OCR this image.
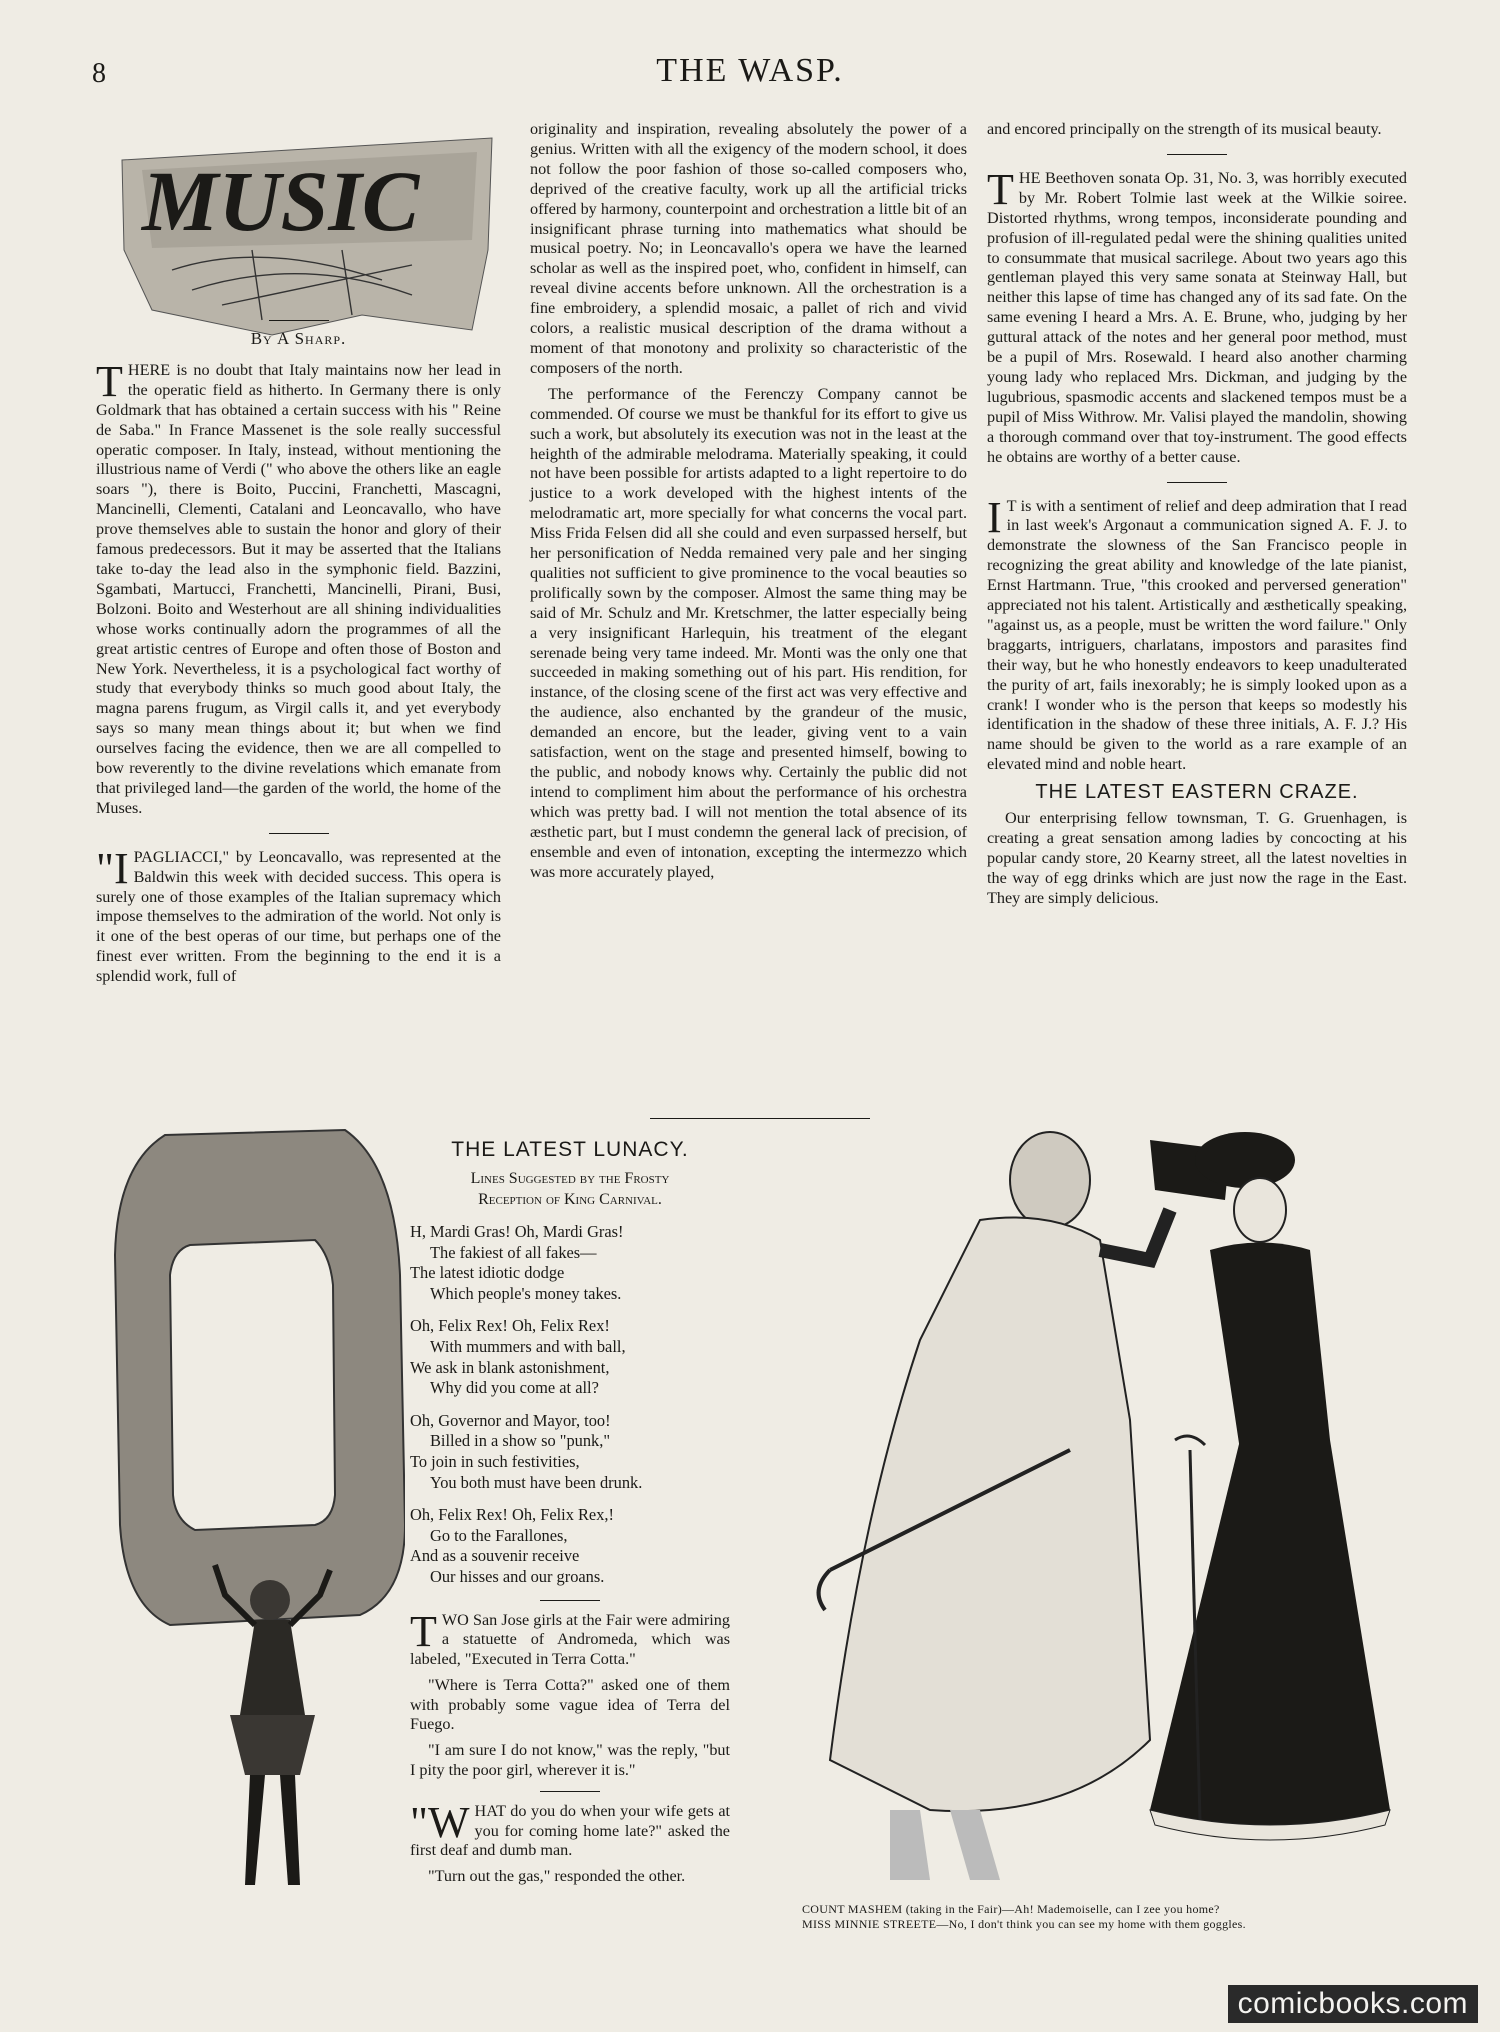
8	THE WASP.
MUSIC
By A Sharp.

THERE is no doubt that Italy maintains now her lead in the operatic field as hitherto. In Germany there is only Goldmark that has obtained a certain success with his " Reine de Saba." In France Massenet is the sole really successful operatic composer. In Italy, instead, without mentioning the illustrious name of Verdi (" who above the others like an eagle soars "), there is Boito, Puccini, Franchetti, Mascagni, Mancinelli, Clementi, Catalani and Leoncavallo, who have prove themselves able to sustain the honor and glory of their famous predecessors. But it may be asserted that the Italians take to-day the lead also in the symphonic field. Bazzini, Sgambati, Martucci, Franchetti, Mancinelli, Pirani, Busi, Bolzoni. Boito and Westerhout are all shining individualities whose works continually adorn the programmes of all the great artistic centres of Europe and often those of Boston and New York. Nevertheless, it is a psychological fact worthy of study that everybody thinks so much good about Italy, the magna parens frugum, as Virgil calls it, and yet everybody says so many mean things about it; but when we find ourselves facing the evidence, then we are all compelled to bow reverently to the divine revelations which emanate from that privileged land—the garden of the world, the home of the Muses.

"I PAGLIACCI," by Leoncavallo, was represented at the Baldwin this week with decided success. This opera is surely one of those examples of the Italian supremacy which impose themselves to the admiration of the world. Not only is it one of the best operas of our time, but perhaps one of the finest ever written. From the beginning to the end it is a splendid work, full of

originality and inspiration, revealing absolutely the power of a genius. Written with all the exigency of the modern school, it does not follow the poor fashion of those so-called composers who, deprived of the creative faculty, work up all the artificial tricks offered by harmony, counterpoint and orchestration a little bit of an insignificant phrase turning into mathematics what should be musical poetry. No; in Leoncavallo's opera we have the learned scholar as well as the inspired poet, who, confident in himself, can reveal divine accents before unknown. All the orchestration is a fine embroidery, a splendid mosaic, a pallet of rich and vivid colors, a realistic musical description of the drama without a moment of that monotony and prolixity so characteristic of the composers of the north.

The performance of the Ferenczy Company cannot be commended. Of course we must be thankful for its effort to give us such a work, but absolutely its execution was not in the least at the heighth of the admirable melodrama. Materially speaking, it could not have been possible for artists adapted to a light repertoire to do justice to a work developed with the highest intents of the melodramatic art, more specially for what concerns the vocal part. Miss Frida Felsen did all she could and even surpassed herself, but her personification of Nedda remained very pale and her singing qualities not sufficient to give prominence to the vocal beauties so prolifically sown by the composer. Almost the same thing may be said of Mr. Schulz and Mr. Kretschmer, the latter especially being a very insignificant Harlequin, his treatment of the elegant serenade being very tame indeed. Mr. Monti was the only one that succeeded in making something out of his part. His rendition, for instance, of the closing scene of the first act was very effective and the audience, also enchanted by the grandeur of the music, demanded an encore, but the leader, giving vent to a vain satisfaction, went on the stage and presented himself, bowing to the public, and nobody knows why. Certainly the public did not intend to compliment him about the performance of his orchestra which was pretty bad. I will not mention the total absence of its æsthetic part, but I must condemn the general lack of precision, of ensemble and even of intonation, excepting the intermezzo which was more accurately played,

and encored principally on the strength of its musical beauty.

THE Beethoven sonata Op. 31, No. 3, was horribly executed by Mr. Robert Tolmie last week at the Wilkie soiree. Distorted rhythms, wrong tempos, inconsiderate pounding and profusion of ill-regulated pedal were the shining qualities united to consummate that musical sacrilege. About two years ago this gentleman played this very same sonata at Steinway Hall, but neither this lapse of time has changed any of its sad fate. On the same evening I heard a Mrs. A. E. Brune, who, judging by her guttural attack of the notes and her general poor method, must be a pupil of Mrs. Rosewald. I heard also another charming young lady who replaced Mrs. Dickman, and judging by the lugubrious, spasmodic accents and slackened tempos must be a pupil of Miss Withrow. Mr. Valisi played the mandolin, showing a thorough command over that toy-instrument. The good effects he obtains are worthy of a better cause.

I T is with a sentiment of relief and deep admiration that I read in last week's Argonaut a communication signed A. F. J. to demonstrate the slowness of the San Francisco people in recognizing the great ability and knowledge of the late pianist, Ernst Hartmann. True, "this crooked and perversed generation" appreciated not his talent. Artistically and æsthetically speaking, "against us, as a people, must be written the word failure." Only braggarts, intriguers, charlatans, impostors and parasites find their way, but he who honestly endeavors to keep unadulterated the purity of art, fails inexorably; he is simply looked upon as a crank! I wonder who is the person that keeps so modestly his identification in the shadow of these three initials, A. F. J.? His name should be given to the world as a rare example of an elevated mind and noble heart.

THE LATEST EASTERN CRAZE.

Our enterprising fellow townsman, T. G. Gruenhagen, is creating a great sensation among ladies by concocting at his popular candy store, 20 Kearny street, all the latest novelties in the way of egg drinks which are just now the rage in the East. They are simply delicious.

THE LATEST LUNACY.
Lines Suggested by the Frosty
Reception of King Carnival.
H, Mardi Gras! Oh, Mardi Gras!
The fakiest of all fakes—
The latest idiotic dodge
Which people's money takes.
Oh, Felix Rex! Oh, Felix Rex!
With mummers and with ball,
We ask in blank astonishment,
Why did you come at all?
Oh, Governor and Mayor, too!
Billed in a show so "punk,"
To join in such festivities,
You both must have been drunk.
Oh, Felix Rex! Oh, Felix Rex,!
Go to the Farallones,
And as a souvenir receive
Our hisses and our groans.

TWO San Jose girls at the Fair were admiring a statuette of Andromeda, which was labeled, "Executed in Terra Cotta."

"Where is Terra Cotta?" asked one of them with probably some vague idea of Terra del Fuego.

"I am sure I do not know," was the reply, "but I pity the poor girl, wherever it is."

"WHAT do you do when your wife gets at you for coming home late?" asked the first deaf and dumb man.

"Turn out the gas," responded the other.

COUNT MASHEM (taking in the Fair)—Ah! Mademoiselle, can I zee you home?
MISS MINNIE STREETE—No, I don't think you can see my home with them goggles.
comicbooks.com
